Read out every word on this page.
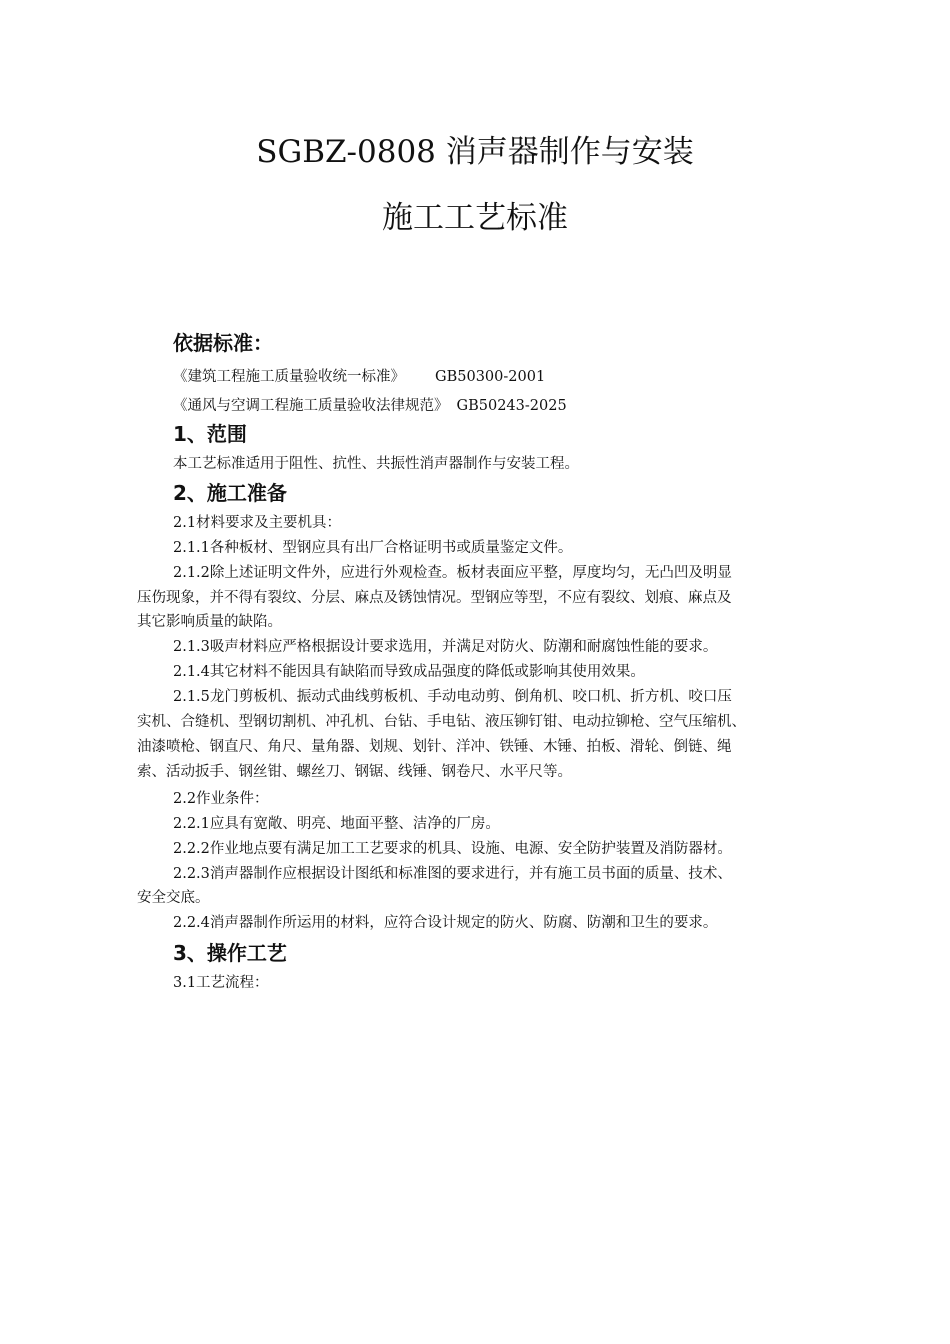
SGBZ-0808 消声器制作与安装
施工工艺标准
依据标准：
《建筑工程施工质量验收统一标准》 GB50300-2001
《通风与空调工程施工质量验收法律规范》 GB50243-2025
1、范围
本工艺标准适用于阻性、抗性、共振性消声器制作与安装工程。
2、施工准备
2.1材料要求及主要机具：
2.1.1各种板材、型钢应具有出厂合格证明书或质量鉴定文件。
2.1.2除上述证明文件外，应进行外观检查。板材表面应平整，厚度均匀，无凸凹及明显
压伤现象，并不得有裂纹、分层、麻点及锈蚀情况。型钢应等型，不应有裂纹、划痕、麻点及
其它影响质量的缺陷。
2.1.3吸声材料应严格根据设计要求选用，并满足对防火、防潮和耐腐蚀性能的要求。
2.1.4其它材料不能因具有缺陷而导致成品强度的降低或影响其使用效果。
2.1.5龙门剪板机、振动式曲线剪板机、手动电动剪、倒角机、咬口机、折方机、咬口压
实机、合缝机、型钢切割机、冲孔机、台钻、手电钻、液压铆钉钳、电动拉铆枪、空气压缩机、
油漆喷枪、钢直尺、角尺、量角器、划规、划针、洋冲、铁锤、木锤、拍板、滑轮、倒链、绳
索、活动扳手、钢丝钳、螺丝刀、钢锯、线锤、钢卷尺、水平尺等。
2.2作业条件：
2.2.1应具有宽敞、明亮、地面平整、洁净的厂房。
2.2.2作业地点要有满足加工工艺要求的机具、设施、电源、安全防护装置及消防器材。
2.2.3消声器制作应根据设计图纸和标准图的要求进行，并有施工员书面的质量、技术、
安全交底。
2.2.4消声器制作所运用的材料，应符合设计规定的防火、防腐、防潮和卫生的要求。
3、操作工艺
3.1工艺流程：
